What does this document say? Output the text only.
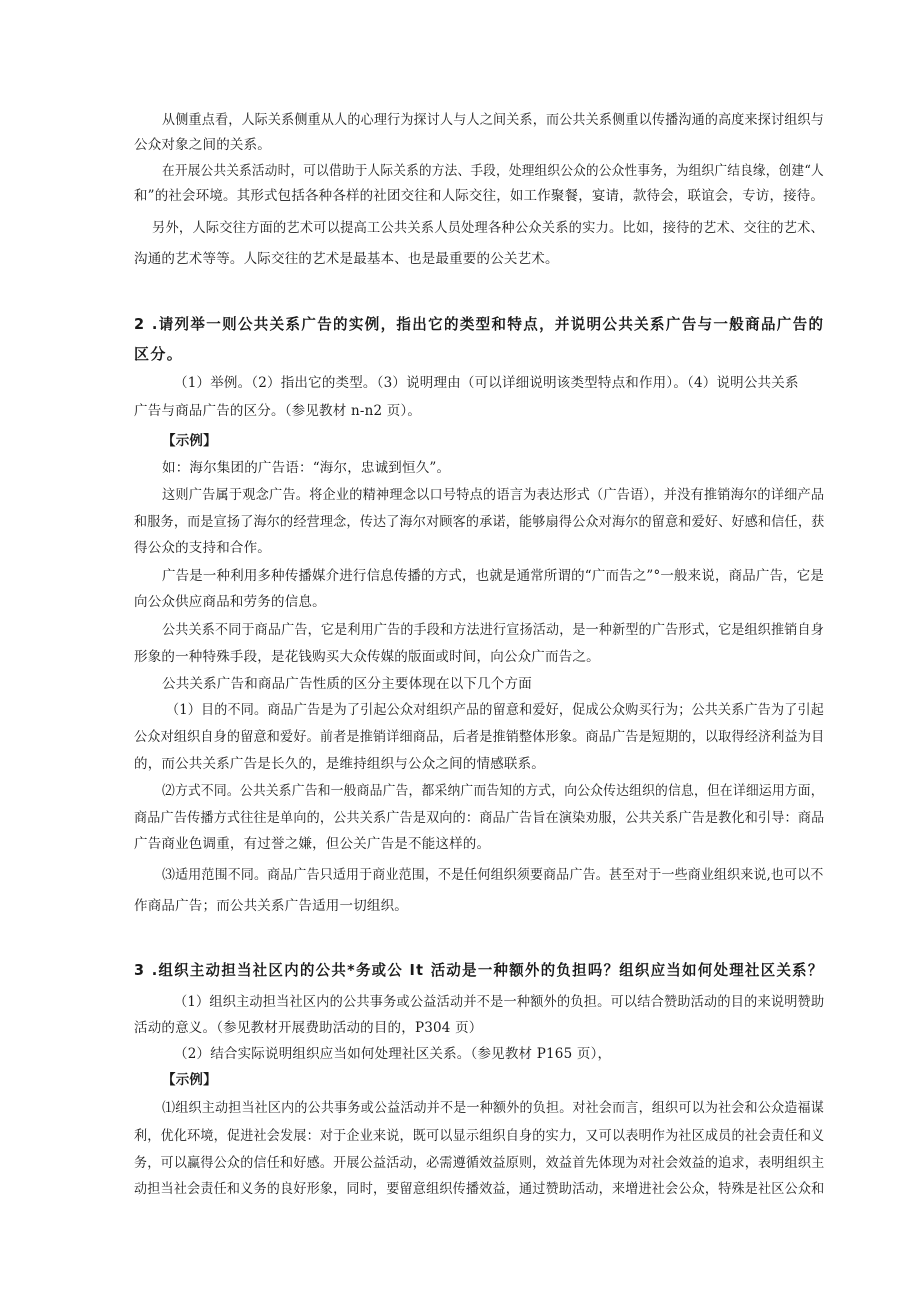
从侧重点看，人际关系侧重从人的心理行为探讨人与人之间关系，而公共关系侧重以传播沟通的高度来探讨组织与
公众对象之间的关系。
在开展公共关系活动时，可以借助于人际关系的方法、手段，处理组织公众的公众性事务，为组织广结良缘，创建“人
和”的社会环境。其形式包括各种各样的社团交往和人际交往，如工作聚餐，宴请，款待会，联谊会，专访，接待。
另外，人际交往方面的艺术可以提高工公共关系人员处理各种公众关系的实力。比如，接待的艺术、交往的艺术、
沟通的艺术等等。人际交往的艺术是最基本、也是最重要的公关艺术。
2 .请列举一则公共关系广告的实例，指出它的类型和特点，并说明公共关系广告与一般商品广告的
区分。
（1）举例。（2）指出它的类型。（3）说明理由（可以详细说明该类型特点和作用）。（4）说明公共关系
广告与商品广告的区分。（参见教材 n-n2 页）。
【示例】
如：海尔集团的广告语：“海尔，忠诚到恒久”。
这则广告属于观念广告。将企业的精神理念以口号特点的语言为表达形式（广告语），并没有推销海尔的详细产品
和服务，而是宣扬了海尔的经营理念，传达了海尔对顾客的承诺，能够扇得公众对海尔的留意和爱好、好感和信任，获
得公众的支持和合作。
广告是一种利用多种传播媒介进行信息传播的方式，也就是通常所谓的“广而告之”°一般来说，商品广告，它是
向公众供应商品和劳务的信息。
公共关系不同于商品广告，它是利用广告的手段和方法进行宣扬活动，是一种新型的广告形式，它是组织推销自身
形象的一种特殊手段，是花钱购买大众传媒的版面或时间，向公众广而告之。
公共关系广告和商品广告性质的区分主要体现在以下几个方面
（1）目的不同。商品广告是为了引起公众对组织产品的留意和爱好，促成公众购买行为；公共关系广告为了引起
公众对组织自身的留意和爱好。前者是推销详细商品，后者是推销整体形象。商品广告是短期的，以取得经济利益为目
的，而公共关系广告是长久的，是维持组织与公众之间的情感联系。
⑵方式不同。公共关系广告和一般商品广告，都采纳广而告知的方式，向公众传达组织的信息，但在详细运用方面，
商品广告传播方式往往是单向的，公共关系广告是双向的：商品广告旨在演染劝服，公共关系广告是教化和引导：商品
广告商业色调重，有过誉之嫌，但公关广告是不能这样的。
⑶适用范围不同。商品广告只适用于商业范围，不是任何组织须要商品广告。甚至对于一些商业组织来说,也可以不
作商品广告；而公共关系广告适用一切组织。
3 .组织主动担当社区内的公共*务或公 It 活动是一种额外的负担吗？组织应当如何处理社区关系？
（1）组织主动担当社区内的公共事务或公益活动并不是一种额外的负担。可以结合赞助活动的目的来说明赞助
活动的意义。（参见教材开展费助活动的目的，P304 页）
（2）结合实际说明组织应当如何处理社区关系。（参见教材 P165 页），
【示例】
⑴组织主动担当社区内的公共事务或公益活动并不是一种额外的负担。对社会而言，组织可以为社会和公众造福谋
利，优化环境，促进社会发展：对于企业来说，既可以显示组织自身的实力，又可以表明作为社区成员的社会责任和义
务，可以赢得公众的信任和好感。开展公益活动，必需遵循效益原则，效益首先体现为对社会效益的追求，表明组织主
动担当社会责任和义务的良好形象，同时，要留意组织传播效益，通过赞助活动，来增进社会公众，特殊是社区公众和
